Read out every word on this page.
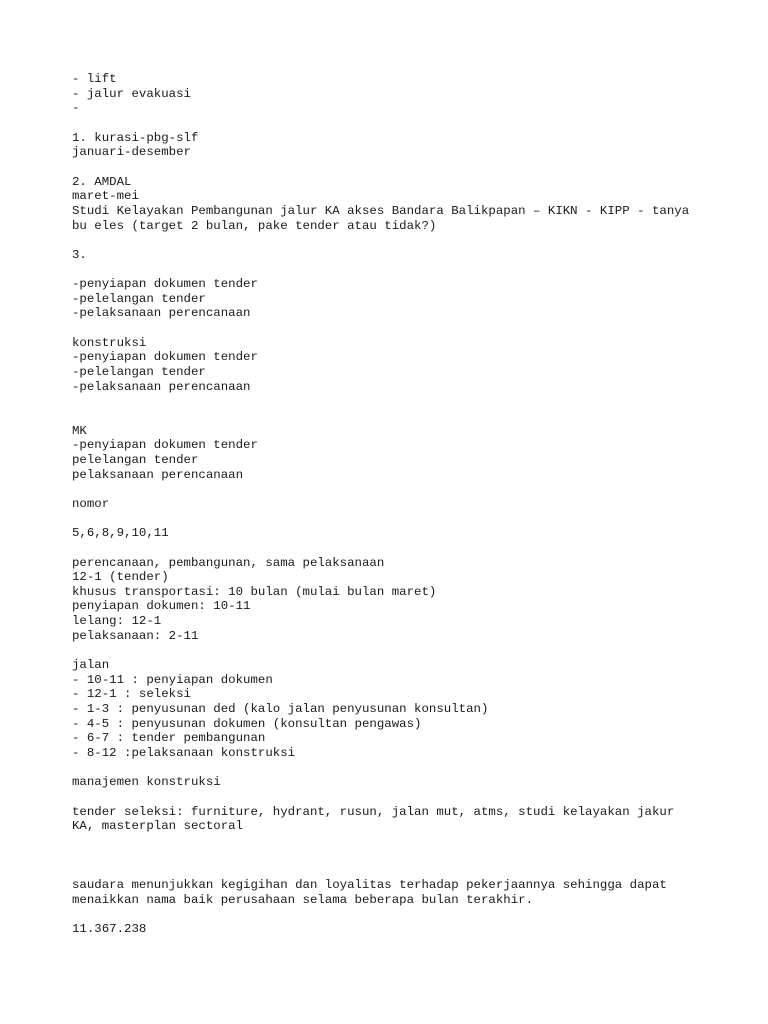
- lift
- jalur evakuasi
-
1. kurasi-pbg-slf
januari-desember
2. AMDAL
maret-mei
Studi Kelayakan Pembangunan jalur KA akses Bandara Balikpapan – KIKN - KIPP - tanya
bu eles (target 2 bulan, pake tender atau tidak?)
3.
-penyiapan dokumen tender
-pelelangan tender
-pelaksanaan perencanaan
konstruksi
-penyiapan dokumen tender
-pelelangan tender
-pelaksanaan perencanaan
MK
-penyiapan dokumen tender
pelelangan tender
pelaksanaan perencanaan
nomor
5,6,8,9,10,11
perencanaan, pembangunan, sama pelaksanaan
12-1 (tender)
khusus transportasi: 10 bulan (mulai bulan maret)
penyiapan dokumen: 10-11
lelang: 12-1
pelaksanaan: 2-11
jalan
- 10-11 : penyiapan dokumen
- 12-1 : seleksi
- 1-3 : penyusunan ded (kalo jalan penyusunan konsultan)
- 4-5 : penyusunan dokumen (konsultan pengawas)
- 6-7 : tender pembangunan
- 8-12 :pelaksanaan konstruksi
manajemen konstruksi
tender seleksi: furniture, hydrant, rusun, jalan mut, atms, studi kelayakan jakur
KA, masterplan sectoral
saudara menunjukkan kegigihan dan loyalitas terhadap pekerjaannya sehingga dapat
menaikkan nama baik perusahaan selama beberapa bulan terakhir.
11.367.238
